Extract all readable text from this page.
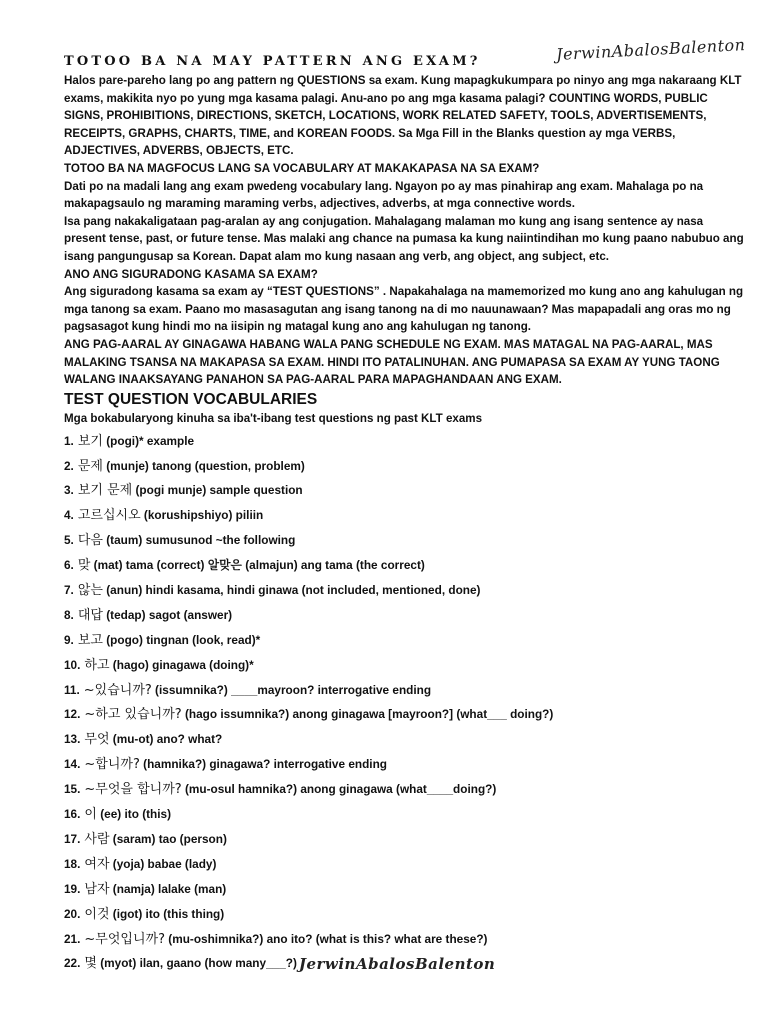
JerwinAbalosBalenton
TOTOO BA NA MAY PATTERN ANG EXAM?

Halos pare-pareho lang po ang pattern ng QUESTIONS sa exam. Kung mapagkukumpara po ninyo ang mga nakaraang KLT exams, makikita nyo po yung mga kasama palagi. Anu-ano po ang mga kasama palagi? COUNTING WORDS, PUBLIC SIGNS, PROHIBITIONS, DIRECTIONS, SKETCH, LOCATIONS, WORK RELATED SAFETY, TOOLS, ADVERTISEMENTS, RECEIPTS, GRAPHS, CHARTS, TIME, and KOREAN FOODS. Sa Mga Fill in the Blanks question ay mga VERBS, ADJECTIVES, ADVERBS, OBJECTS, ETC.

TOTOO BA NA MAGFOCUS LANG SA VOCABULARY AT MAKAKAPASA NA SA EXAM?

Dati po na madali lang ang exam pwedeng vocabulary lang. Ngayon po ay mas pinahirap ang exam. Mahalaga po na makapagsaulo ng maraming maraming verbs, adjectives, adverbs, at mga connective words.

Isa pang nakakaligataan pag-aralan ay ang conjugation. Mahalagang malaman mo kung ang isang sentence ay nasa present tense, past, or future tense. Mas malaki ang chance na pumasa ka kung naiintindihan mo kung paano nabubuo ang isang pangungusap sa Korean. Dapat alam mo kung nasaan ang verb, ang object, ang subject, etc.

ANO ANG SIGURADONG KASAMA SA EXAM?

Ang siguradong kasama sa exam ay “TEST QUESTIONS” . Napakahalaga na mamemorized mo kung ano ang kahulugan ng mga tanong sa exam. Paano mo masasagutan ang isang tanong na di mo nauunawaan? Mas mapapadali ang oras mo ng pagsasagot kung hindi mo na iisipin ng matagal kung ano ang kahulugan ng tanong.

ANG PAG-AARAL AY GINAGAWA HABANG WALA PANG SCHEDULE NG EXAM. MAS MATAGAL NA PAG-AARAL, MAS MALAKING TSANSA NA MAKAPASA SA EXAM. HINDI ITO PATALINUHAN. ANG PUMAPASA SA EXAM AY YUNG TAONG WALANG INAAKSAYANG PANAHON SA PAG-AARAL PARA MAPAGHANDAAN ANG EXAM.

TEST QUESTION VOCABULARIES
Mga bokabularyong kinuha sa iba't-ibang test questions ng past KLT exams
1. 보기 (pogi)* example
2. 문제 (munje) tanong (question, problem)
3. 보기 문제 (pogi munje) sample question
4. 고르십시오 (korushipshiyo) piliin
5. 다음 (taum) sumusunod ~the following
6. 맞 (mat) tama (correct) 알맞은 (almajun) ang tama (the correct)
7. 않는 (anun) hindi kasama, hindi ginawa (not included, mentioned, done)
8. 대답 (tedap) sagot (answer)
9. 보고 (pogo) tingnan (look, read)*
10. 하고 (hago) ginagawa (doing)*
11. ~있습니까? (issumnika?) ____mayroon? interrogative ending
12. ~하고 있습니까? (hago issumnika?) anong ginagawa [mayroon?] (what___ doing?)
13. 무엇 (mu-ot) ano? what?
14. ~합니까? (hamnika?) ginagawa? interrogative ending
15. ~무엇을 합니까? (mu-osul hamnika?) anong ginagawa (what____doing?)
16. 이 (ee) ito (this)
17. 사람 (saram) tao (person)
18. 여자 (yoja) babae (lady)
19. 남자 (namja) lalake (man)
20. 이것 (igot) ito (this thing)
21. ~무엇입니까? (mu-oshimnika?) ano ito? (what is this? what are these?)
22. 몇 (myot) ilan, gaano (how many___?) JerwinAbalosBalenton
